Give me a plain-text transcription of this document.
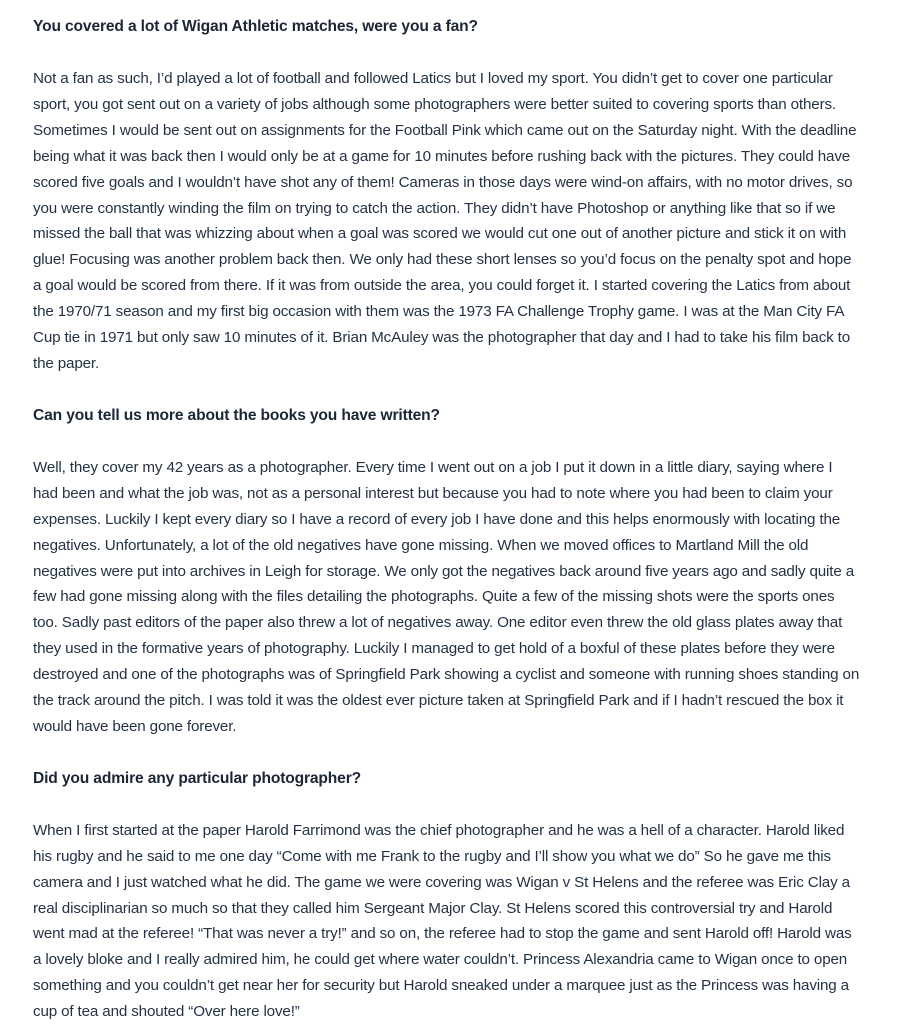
You covered a lot of Wigan Athletic matches, were you a fan?

Not a fan as such, I’d played a lot of football and followed Latics but I loved my sport. You didn’t get to cover one particular sport, you got sent out on a variety of jobs although some photographers were better suited to covering sports than others. Sometimes I would be sent out on assignments for the Football Pink which came out on the Saturday night. With the deadline being what it was back then I would only be at a game for 10 minutes before rushing back with the pictures. They could have scored five goals and I wouldn’t have shot any of them! Cameras in those days were wind-on affairs, with no motor drives, so you were constantly winding the film on trying to catch the action. They didn’t have Photoshop or anything like that so if we missed the ball that was whizzing about when a goal was scored we would cut one out of another picture and stick it on with glue! Focusing was another problem back then. We only had these short lenses so you’d focus on the penalty spot and hope a goal would be scored from there. If it was from outside the area, you could forget it. I started covering the Latics from about the 1970/71 season and my first big occasion with them was the 1973 FA Challenge Trophy game. I was at the Man City FA Cup tie in 1971 but only saw 10 minutes of it. Brian McAuley was the photographer that day and I had to take his film back to the paper.

Can you tell us more about the books you have written?

Well, they cover my 42 years as a photographer. Every time I went out on a job I put it down in a little diary, saying where I had been and what the job was, not as a personal interest but because you had to note where you had been to claim your expenses. Luckily I kept every diary so I have a record of every job I have done and this helps enormously with locating the negatives. Unfortunately, a lot of the old negatives have gone missing. When we moved offices to Martland Mill the old negatives were put into archives in Leigh for storage. We only got the negatives back around five years ago and sadly quite a few had gone missing along with the files detailing the photographs. Quite a few of the missing shots were the sports ones too. Sadly past editors of the paper also threw a lot of negatives away. One editor even threw the old glass plates away that they used in the formative years of photography. Luckily I managed to get hold of a boxful of these plates before they were destroyed and one of the photographs was of Springfield Park showing a cyclist and someone with running shoes standing on the track around the pitch. I was told it was the oldest ever picture taken at Springfield Park and if I hadn’t rescued the box it would have been gone forever.

Did you admire any particular photographer?

When I first started at the paper Harold Farrimond was the chief photographer and he was a hell of a character. Harold liked his rugby and he said to me one day “Come with me Frank to the rugby and I’ll show you what we do” So he gave me this camera and I just watched what he did. The game we were covering was Wigan v St Helens and the referee was Eric Clay a real disciplinarian so much so that they called him Sergeant Major Clay. St Helens scored this controversial try and Harold went mad at the referee! “That was never a try!” and so on, the referee had to stop the game and sent Harold off! Harold was a lovely bloke and I really admired him, he could get where water couldn’t. Princess Alexandria came to Wigan once to open something and you couldn’t get near her for security but Harold sneaked under a marquee just as the Princess was having a cup of tea and shouted “Over here love!”
